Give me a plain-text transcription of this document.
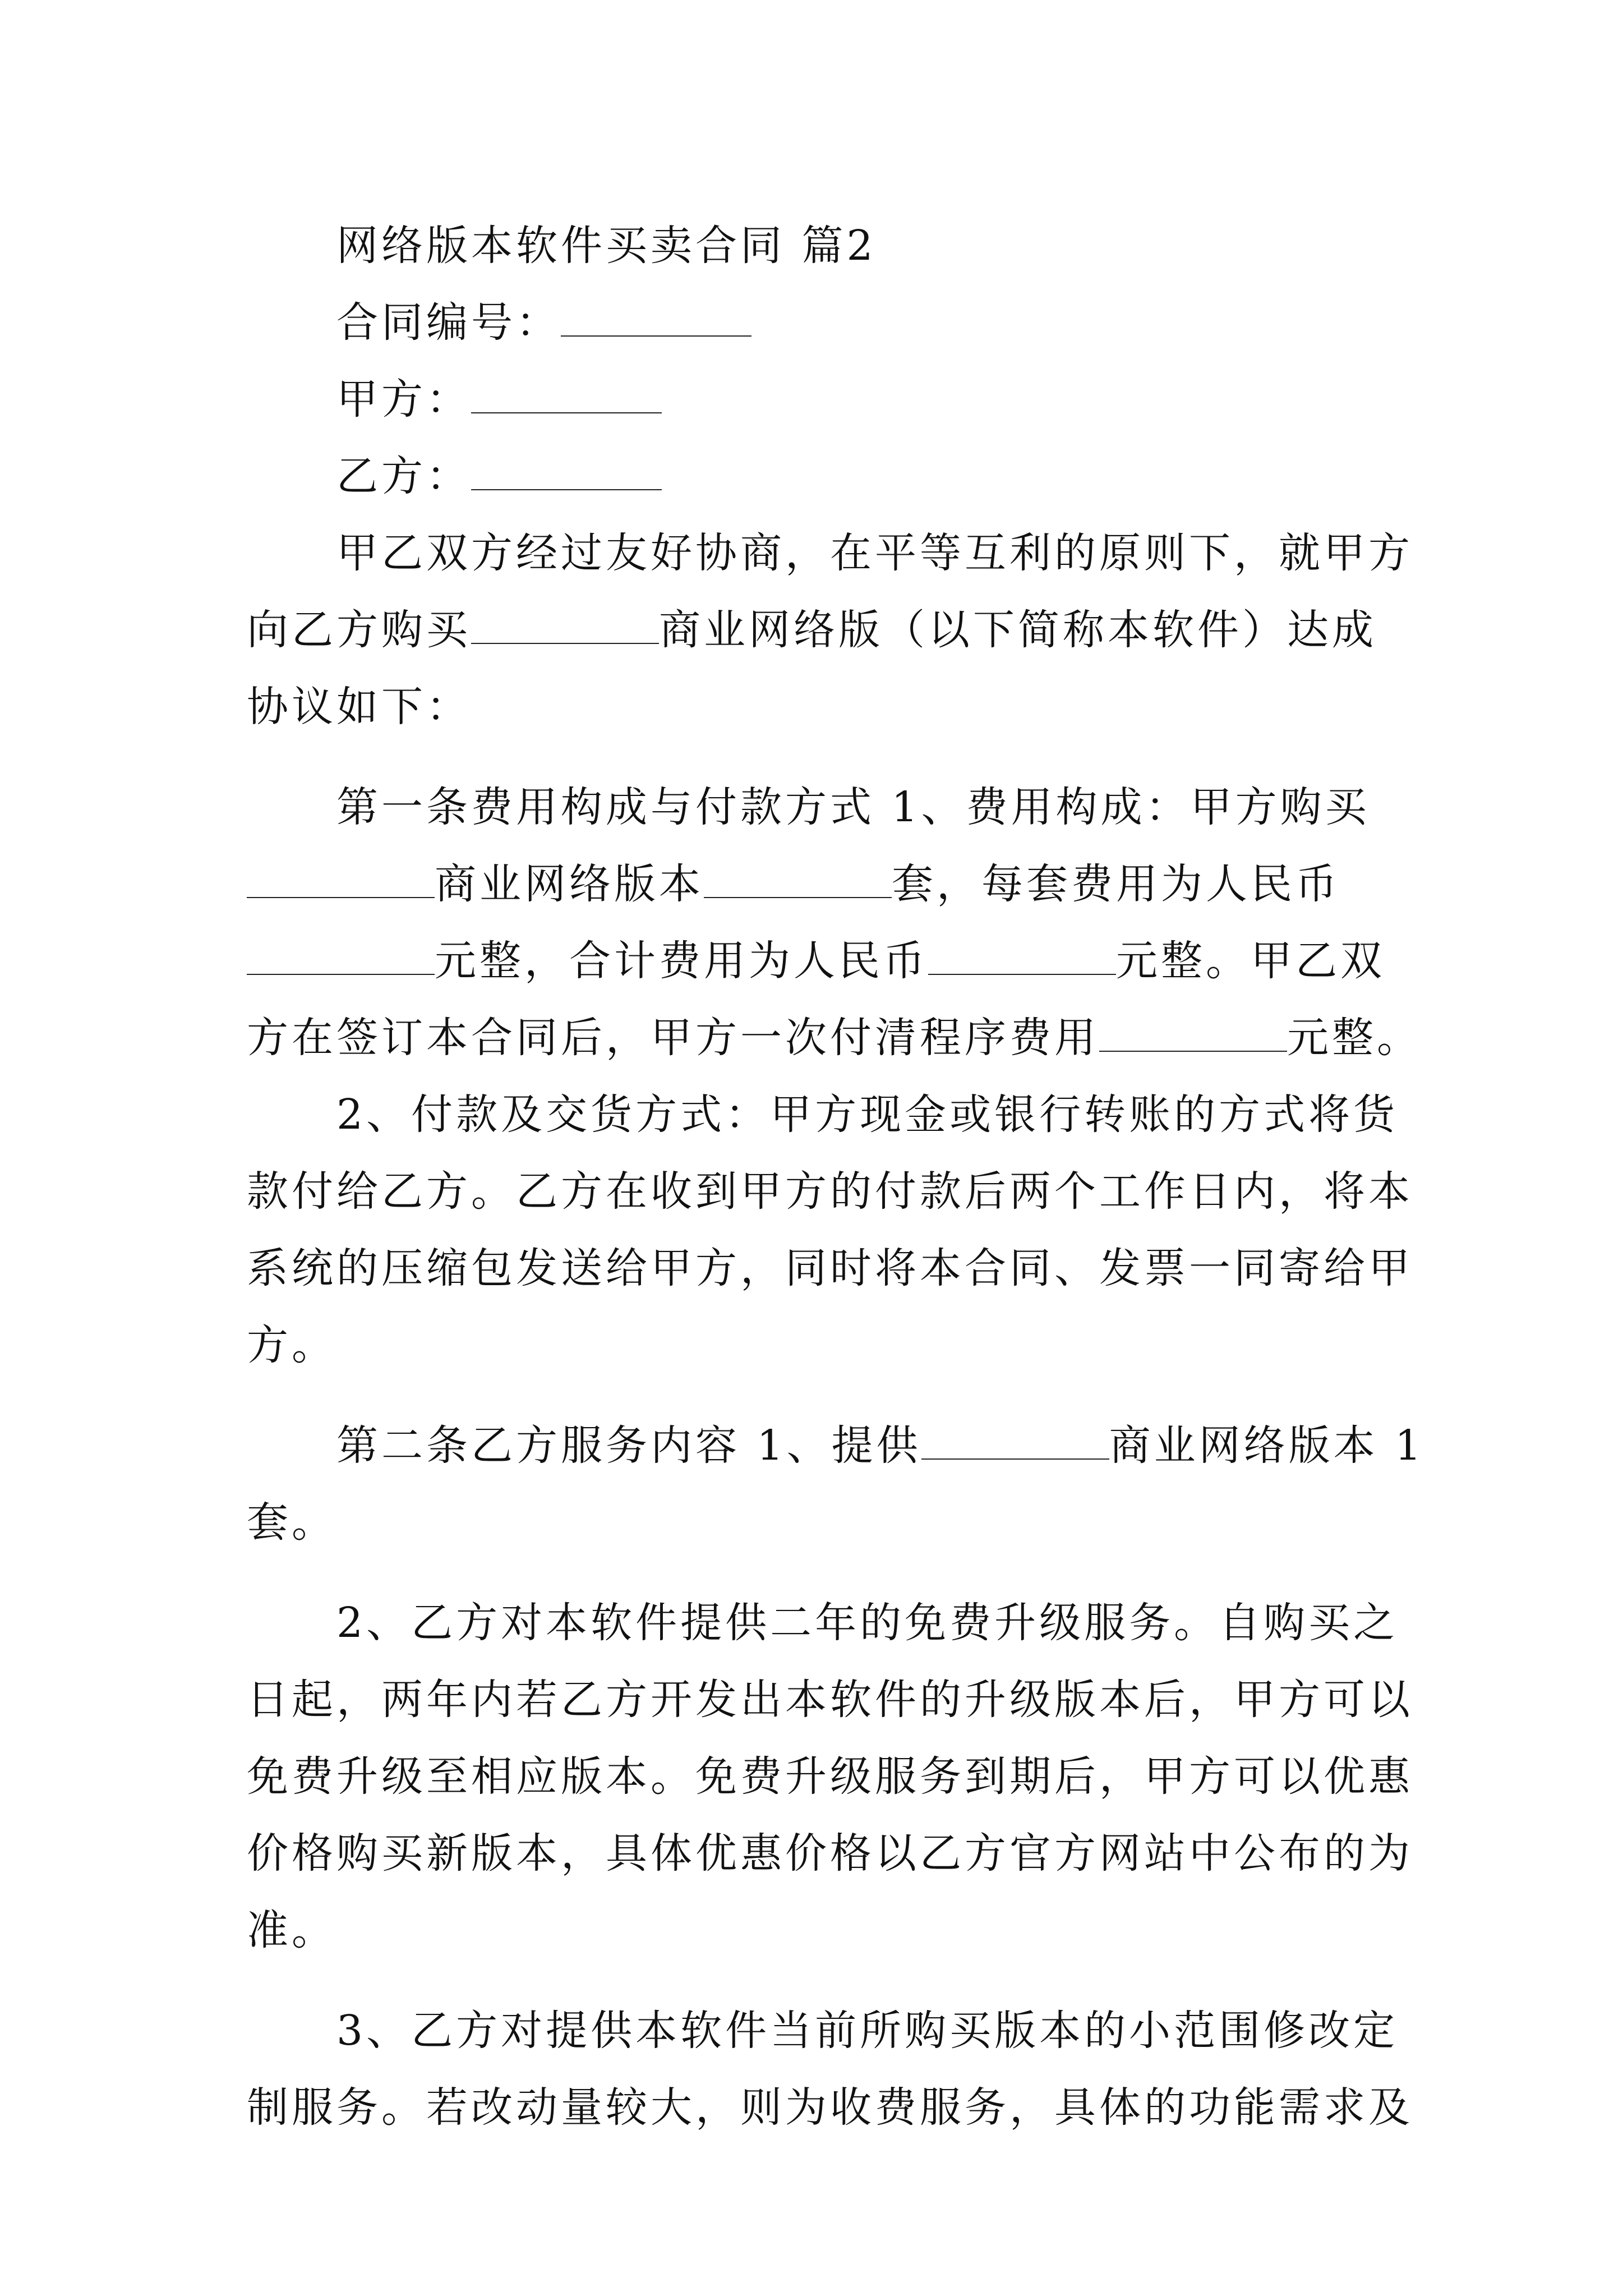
网络版本软件买卖合同 篇2
合同编号：
甲方：
乙方：
甲乙双方经过友好协商，在平等互利的原则下，就甲方
向乙方购买	商业网络版（以下简称本软件）达成
协议如下：
第一条费用构成与付款方式 1、费用构成：甲方购买
商业网络版本	套，每套费用为人民币
元整，合计费用为人民币	元整。甲乙双
方在签订本合同后，甲方一次付清程序费用	元整。
2、付款及交货方式：甲方现金或银行转账的方式将货
款付给乙方。乙方在收到甲方的付款后两个工作日内，将本
系统的压缩包发送给甲方，同时将本合同、发票一同寄给甲
方。
第二条乙方服务内容 1、提供	商业网络版本 1
套。
2、乙方对本软件提供二年的免费升级服务。自购买之
日起，两年内若乙方开发出本软件的升级版本后，甲方可以
免费升级至相应版本。免费升级服务到期后，甲方可以优惠
价格购买新版本，具体优惠价格以乙方官方网站中公布的为
准。
3、乙方对提供本软件当前所购买版本的小范围修改定
制服务。若改动量较大，则为收费服务，具体的功能需求及
